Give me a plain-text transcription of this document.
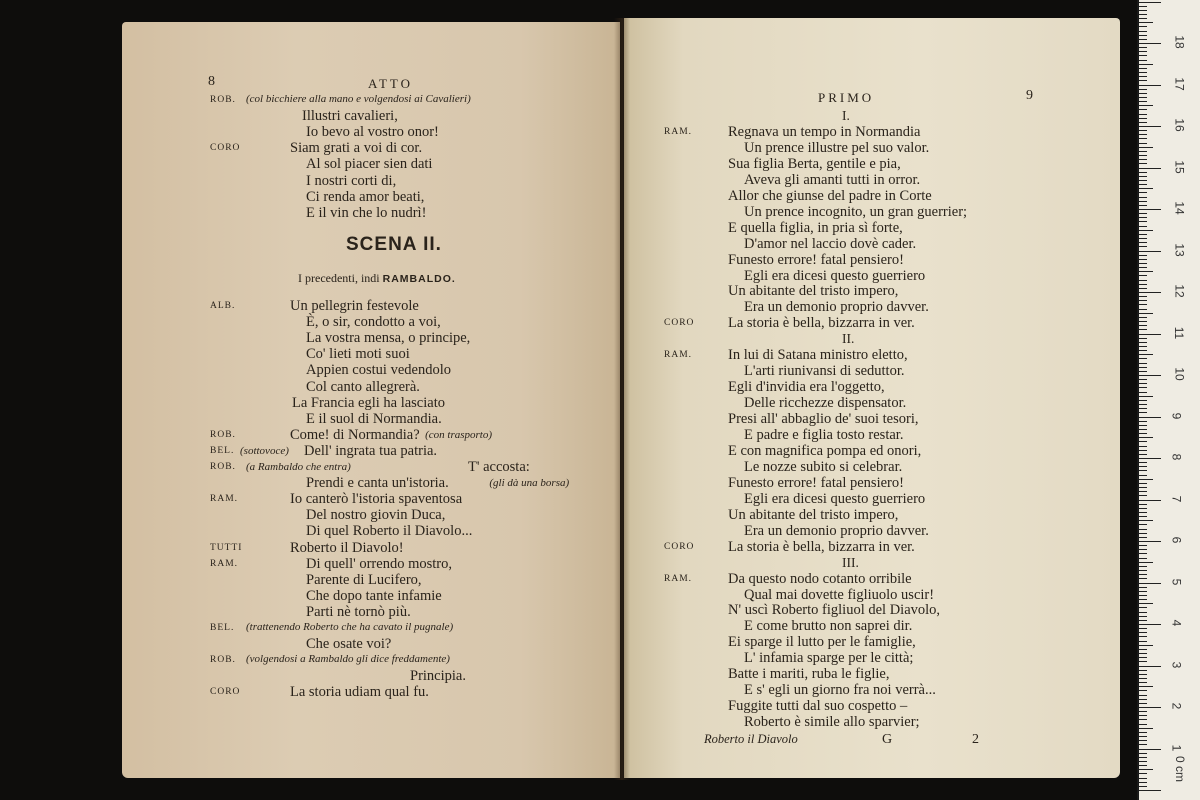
8	ATTO
ROB. (col bicchiere alla mano e volgendosi ai Cavalieri)
Illustri cavalieri,
Io bevo al vostro onor!
CORO	Siam grati a voi di cor.
Al sol piacer sien dati
I nostri corti di,
Ci renda amor beati,
E il vin che lo nudrì!
SCENA II.
I precedenti, indi RAMBALDO.
ALB.	Un pellegrin festevole
È, o sir, condotto a voi,
La vostra mensa, o principe,
Co' lieti moti suoi
Appien costui vedendolo
Col canto allegrerà.
La Francia egli ha lasciato
E il suol di Normandia.
ROB.	Come! di Normandia? (con trasporto)
BEL. (sottovoce) Dell' ingrata tua patria.
ROB. (a Rambaldo che entra)	T' accosta:
Prendi e canta un'istoria.	(gli dà una borsa)
RAM.	Io canterò l'istoria spaventosa
Del nostro giovin Duca,
Di quel Roberto il Diavolo...
TUTTI	Roberto il Diavolo!
RAM.	Di quell' orrendo mostro,
Parente di Lucifero,
Che dopo tante infamie
Parti nè tornò più.
BEL. (trattenendo Roberto che ha cavato il pugnale)
Che osate voi?
ROB. (volgendosi a Rambaldo gli dice freddamente)
Principia.
CORO	La storia udiam qual fu.
PRIMO	9
I.
RAM. Regnava un tempo in Normandia
Un prence illustre pel suo valor.
Sua figlia Berta, gentile e pia,
Aveva gli amanti tutti in orror.
Allor che giunse del padre in Corte
Un prence incognito, un gran guerrier;
E quella figlia, in pria sì forte,
D'amor nel laccio dovè cader.
Funesto errore! fatal pensiero!
Egli era dicesi questo guerriero
Un abitante del tristo impero,
Era un demonio proprio davver.
CORO La storia è bella, bizzarra in ver.
II.
RAM. In lui di Satana ministro eletto,
L'arti riunivansi di seduttor.
Egli d'invidia era l'oggetto,
Delle ricchezze dispensator.
Presi all' abbaglio de' suoi tesori,
E padre e figlia tosto restar.
E con magnifica pompa ed onori,
Le nozze subito si celebrar.
Funesto errore! fatal pensiero!
Egli era dicesi questo guerriero
Un abitante del tristo impero,
Era un demonio proprio davver.
CORO La storia è bella, bizzarra in ver.
III.
RAM. Da questo nodo cotanto orribile
Qual mai dovette figliuolo uscir!
N' uscì Roberto figliuol del Diavolo,
E come brutto non saprei dir.
Ei sparge il lutto per le famiglie,
L' infamia sparge per le città;
Batte i mariti, ruba le figlie,
E s' egli un giorno fra noi verrà...
Fuggite tutti dal suo cospetto –
Roberto è simile allo sparvier;
Roberto il Diavolo	G	2
0 cm
1
2
3
4
5
6
7
8
9
10
11
12
13
14
15
16
17
18
